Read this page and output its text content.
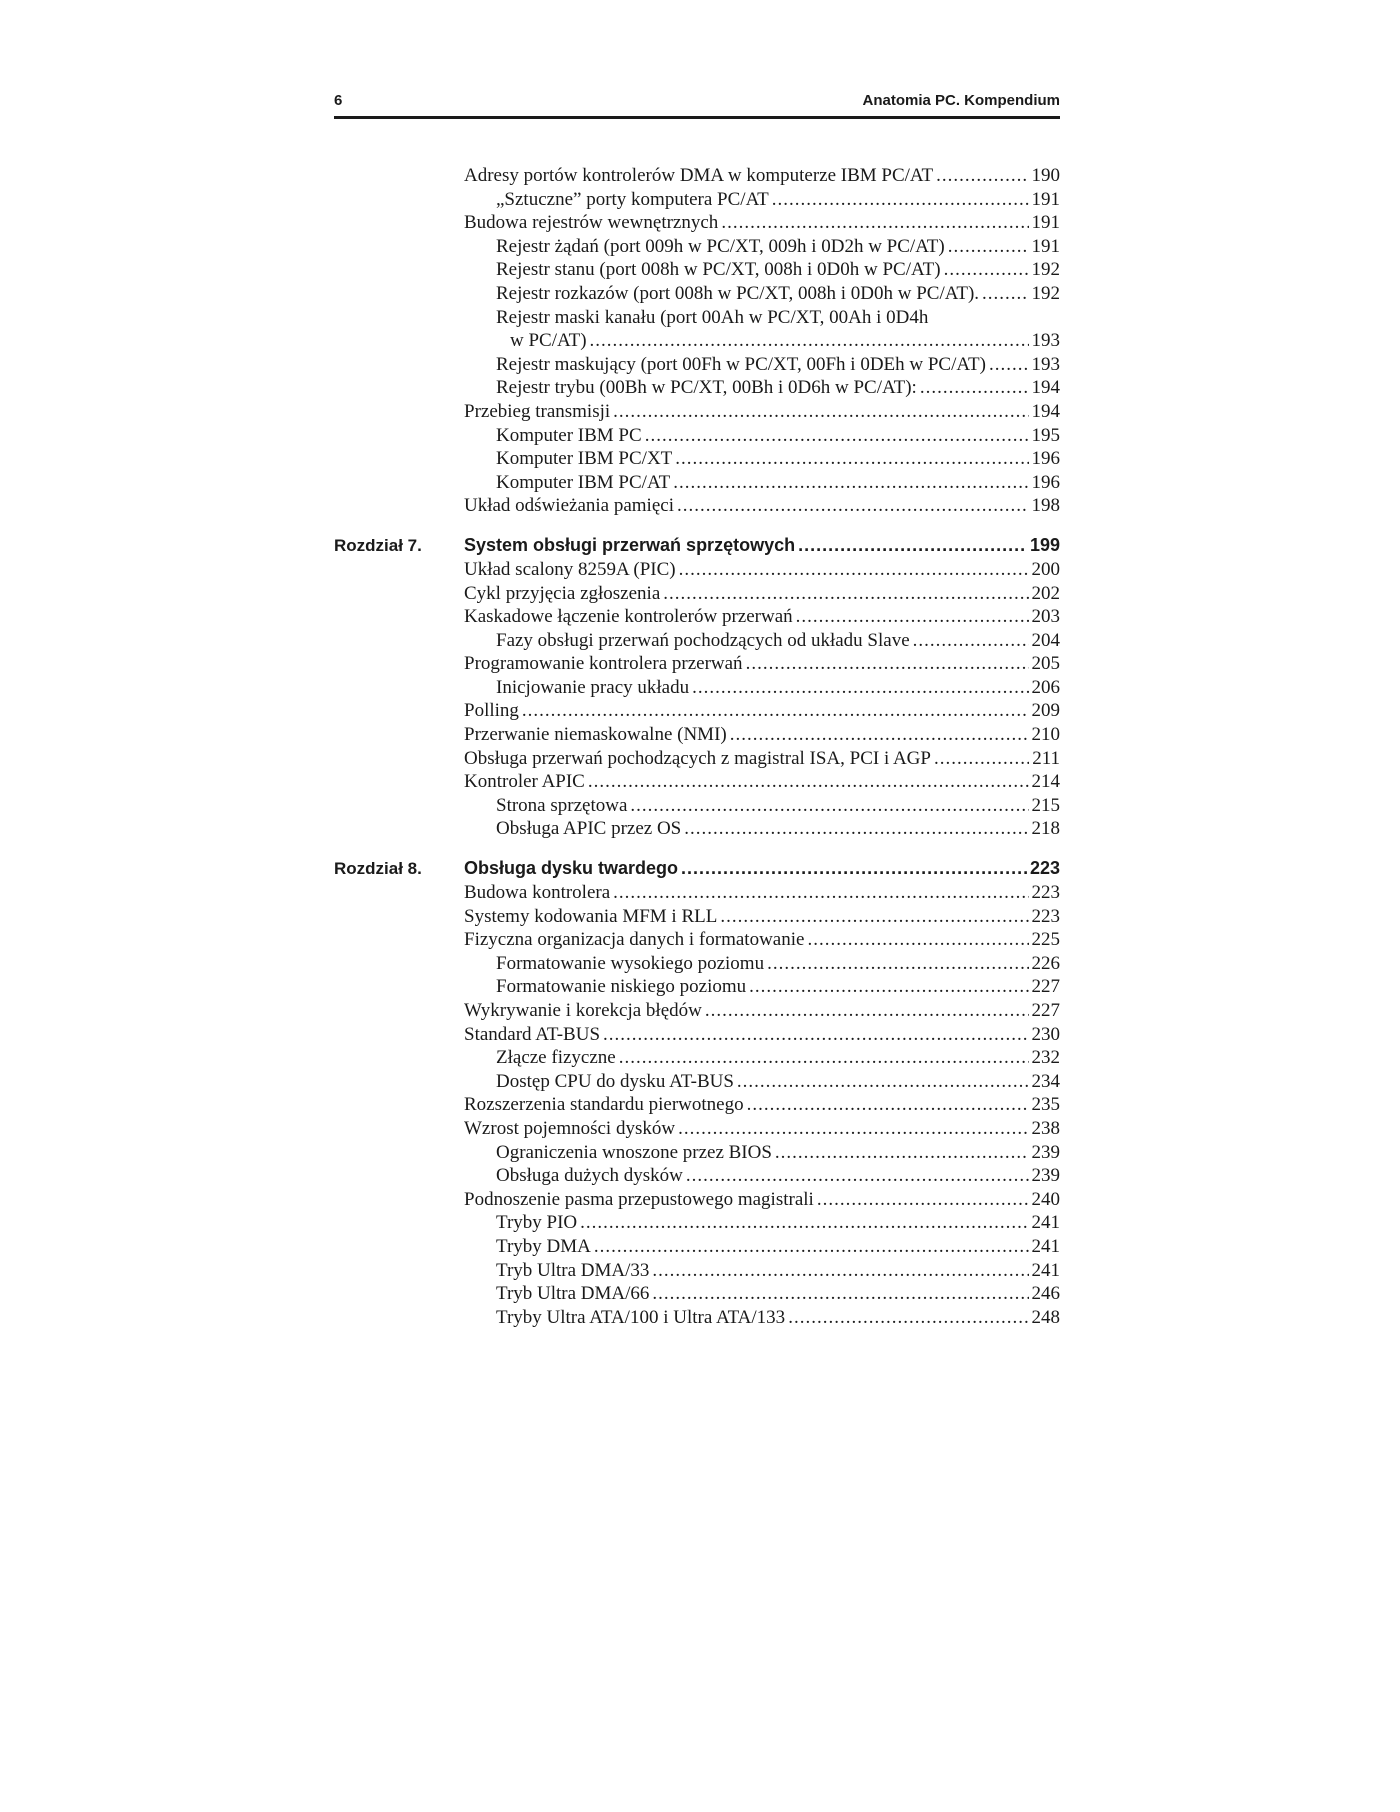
6	Anatomia PC. Kompendium
Adresy portów kontrolerów DMA w komputerze IBM PC/AT .....	190
„Sztuczne” porty komputera PC/AT .....	191
Budowa rejestrów wewnętrznych .....	191
Rejestr żądań (port 009h w PC/XT, 009h i 0D2h w PC/AT) .....	191
Rejestr stanu (port 008h w PC/XT, 008h i 0D0h w PC/AT) .....	192
Rejestr rozkazów (port 008h w PC/XT, 008h i 0D0h w PC/AT). .....	192
Rejestr maski kanału (port 00Ah w PC/XT, 00Ah i 0D4h
w PC/AT) .....	193
Rejestr maskujący (port 00Fh w PC/XT, 00Fh i 0DEh w PC/AT) ..... 193
Rejestr trybu (00Bh w PC/XT, 00Bh i 0D6h w PC/AT): .....	194
Przebieg transmisji .....	194
Komputer IBM PC .....	195
Komputer IBM PC/XT .....	196
Komputer IBM PC/AT .....	196
Układ odświeżania pamięci .....	198
Rozdział 7. System obsługi przerwań sprzętowych .....	199
Układ scalony 8259A (PIC) .....	200
Cykl przyjęcia zgłoszenia .....	202
Kaskadowe łączenie kontrolerów przerwań .....	203
Fazy obsługi przerwań pochodzących od układu Slave .....	204
Programowanie kontrolera przerwań .....	205
Inicjowanie pracy układu .....	206
Polling .....	209
Przerwanie niemaskowalne (NMI) .....	210
Obsługa przerwań pochodzących z magistral ISA, PCI i AGP .....	211
Kontroler APIC .....	214
Strona sprzętowa .....	215
Obsługa APIC przez OS .....	218
Rozdział 8. Obsługa dysku twardego .....	223
Budowa kontrolera .....	223
Systemy kodowania MFM i RLL .....	223
Fizyczna organizacja danych i formatowanie .....	225
Formatowanie wysokiego poziomu .....	226
Formatowanie niskiego poziomu .....	227
Wykrywanie i korekcja błędów .....	227
Standard AT-BUS .....	230
Złącze fizyczne .....	232
Dostęp CPU do dysku AT-BUS .....	234
Rozszerzenia standardu pierwotnego .....	235
Wzrost pojemności dysków .....	238
Ograniczenia wnoszone przez BIOS .....	239
Obsługa dużych dysków .....	239
Podnoszenie pasma przepustowego magistrali .....	240
Tryby PIO .....	241
Tryby DMA .....	241
Tryb Ultra DMA/33 .....	241
Tryb Ultra DMA/66 .....	246
Tryby Ultra ATA/100 i Ultra ATA/133 .....	248
